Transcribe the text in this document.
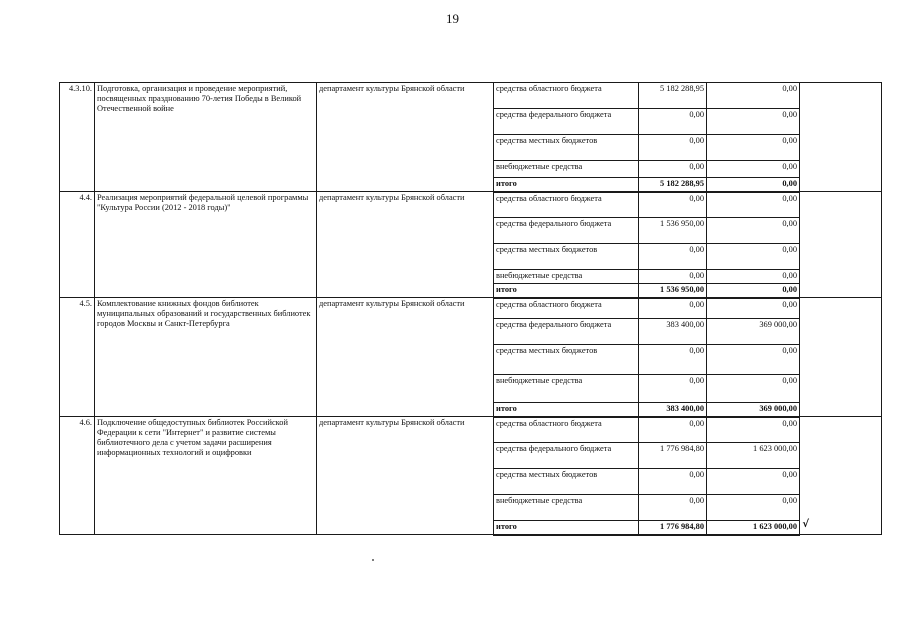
19
4.3.10.	Подготовка, организация и проведение мероприятий, посвященных празднованию 70-летия Победы в Великой Отечественной войне	департамент культуры Брянской области	средства областного бюджета	5 182 288,95	0,00	
			средства федерального бюджета	0,00	0,00	
			средства местных бюджетов	0,00	0,00	
			внебюджетные средства	0,00	0,00	
			итого	5 182 288,95	0,00	
4.4.	Реализация мероприятий федеральной целевой программы "Культура России (2012 - 2018 годы)"	департамент культуры Брянской области	средства областного бюджета	0,00	0,00	
			средства федерального бюджета	1 536 950,00	0,00	
			средства местных бюджетов	0,00	0,00	
			внебюджетные средства	0,00	0,00	
			итого	1 536 950,00	0,00	
4.5.	Комплектование книжных фондов библиотек муниципальных образований и государственных библиотек городов Москвы и Санкт-Петербурга	департамент культуры Брянской области	средства областного бюджета	0,00	0,00	
			средства федерального бюджета	383 400,00	369 000,00	
			средства местных бюджетов	0,00	0,00	
			внебюджетные средства	0,00	0,00	
			итого	383 400,00	369 000,00	
4.6.	Подключение общедоступных библиотек Российской Федерации к сети "Интернет" и развитие системы библиотечного дела с учетом задачи расширения информационных технологий и оцифровки	департамент культуры Брянской области	средства областного бюджета	0,00	0,00	
			средства федерального бюджета	1 776 984,80	1 623 000,00	
			средства местных бюджетов	0,00	0,00	
			внебюджетные средства	0,00	0,00	
			итого	1 776 984,80	1 623 000,00 √	
